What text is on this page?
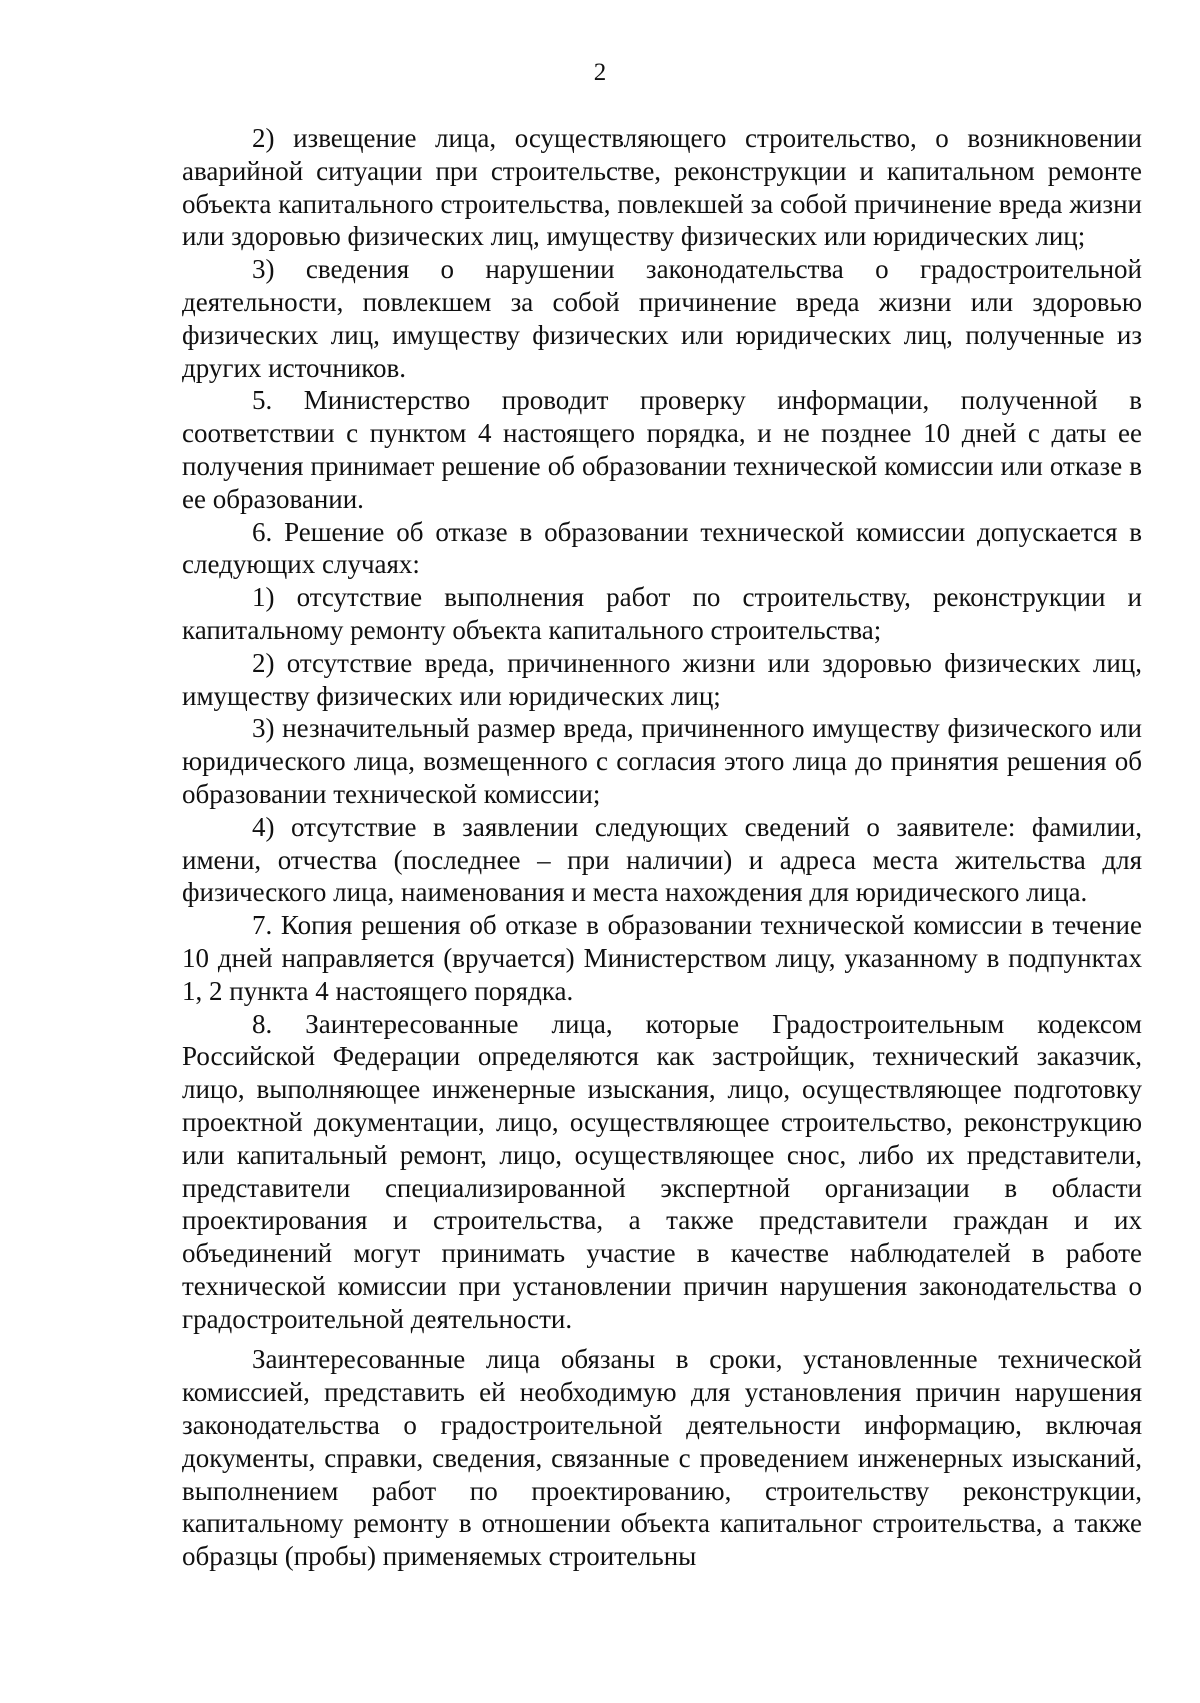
2

2) извещение лица, осуществляющего строительство, о возникновении аварийной ситуации при строительстве, реконструкции и капитальном ремонте объекта капитального строительства, повлекшей за собой причинение вреда жизни или здоровью физических лиц, имуществу физических или юридических лиц;

3) сведения о нарушении законодательства о градостроительной деятельности, повлекшем за собой причинение вреда жизни или здоровью физических лиц, имуществу физических или юридических лиц, полученные из других источников.

5. Министерство проводит проверку информации, полученной в соответствии с пунктом 4 настоящего порядка, и не позднее 10 дней с даты ее получения принимает решение об образовании технической комиссии или отказе в ее образовании.

6. Решение об отказе в образовании технической комиссии допускается в следующих случаях:

1) отсутствие выполнения работ по строительству, реконструкции и капитальному ремонту объекта капитального строительства;

2) отсутствие вреда, причиненного жизни или здоровью физических лиц, имуществу физических или юридических лиц;

3) незначительный размер вреда, причиненного имуществу физического или юридического лица, возмещенного с согласия этого лица до принятия решения об образовании технической комиссии;

4) отсутствие в заявлении следующих сведений о заявителе: фамилии, имени, отчества (последнее – при наличии) и адреса места жительства для физического лица, наименования и места нахождения для юридического лица.

7. Копия решения об отказе в образовании технической комиссии в течение 10 дней направляется (вручается) Министерством лицу, указанному в подпунктах 1, 2 пункта 4 настоящего порядка.

8. Заинтересованные лица, которые Градостроительным кодексом Российской Федерации определяются как застройщик, технический заказчик, лицо, выполняющее инженерные изыскания, лицо, осуществляющее подготовку проектной документации, лицо, осуществляющее строительство, реконструкцию или капитальный ремонт, лицо, осуществляющее снос, либо их представители, представители специализированной экспертной организации в области проектирования и строительства, а также представители граждан и их объединений могут принимать участие в качестве наблюдателей в работе технической комиссии при установлении причин нарушения законодательства о градостроительной деятельности.

Заинтересованные лица обязаны в сроки, установленные технической комиссией, представить ей необходимую для установления причин нарушения законодательства о градостроительной деятельности информацию, включая документы, справки, сведения, связанные с проведением инженерных изысканий, выполнением работ по проектированию, строительству реконструкции, капитальному ремонту в отношении объекта капитальног строительства, а также образцы (пробы) применяемых строительны
